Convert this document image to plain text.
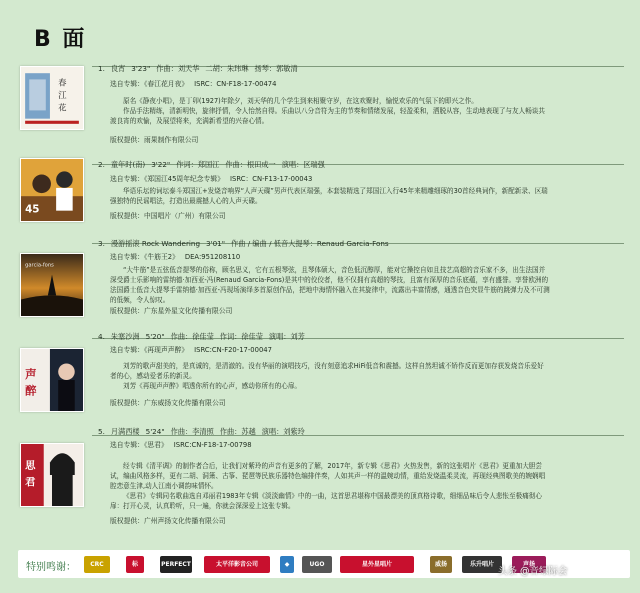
B 面
春
江
花
1. 良宵 3'23" 作曲：刘天华 二胡：朱玮琳 扬琴：郭敏清
选自专辑：《春江花月夜》 ISRC：CN-F18-17-00474

原名《静夜小唱》，是丁卯(1927)年除夕，刘天华的几个学生到来相聚守岁，在这欢聚时，愉悦欢乐的气氛下的即兴之作。

作品手法精练，清新明快，旋律抒情，令人怡然自得。乐曲以八分音符为主的节奏和情绪发展，轻盈柔和，洒脱从容，生动地表现了与友人畅谈共渡良宵的欢愉，及展望将来，充满新希望的兴奋心情。

版权提供：雨果制作有限公司
45
2. 童年时(南) 3'22" 作词：郑国江 作曲：根田成一 演唱：区瑞强
选自专辑：《郑国江45周年纪念专辑》 ISRC：CN-F13-17-00043

华语乐坛的词坛泰斗郑国江+发烧音响界“人声天碟”男声代表区瑞强，本套装精选了郑国江入行45年来精雕细琢的30首经典词作，新配新录、区瑞强独特的民谣唱法，打造出最震撼人心的人声天碟。

版权提供：中国唱片（广州）有限公司
garcia-fons
3. 漫游摇滚 Rock Wandering 3'01" 作曲 / 编曲 / 低音大提琴：Renaud Garcia-Fons
选自专辑：《牛筋王2》 DEA:951208110

“大牛筋”是五弦低音提琴的俗称，顾名思义，它有五根琴弦，且琴体硕大，音色低沉醇厚，能对它操控自如且技艺高超的音乐家不多，出生法国并深受爵士乐影响的雷纳德·加西亚-冯(Renaud Garcia-Fons)是其中的佼佼者，他不仅拥有高超的琴技，且富有深厚的音乐底蕴，享有盛誉。享誉欧洲的法国爵士低音大提琴手雷纳德·加西亚-冯现场演绎多首原创作品，把地中海情怀融入在其旋律中，流露出丰富情感，通透音色突显牛筋的跳弹力及不可测的低频，令人惊叹。

版权提供：广东星外星文化传播有限公司
声
醉
4. 朱塞沙洲 5'20" 作曲：徐佳莹 作词：徐佳莹 演唱：刘芳
选自专辑：《再现声声醉》 ISRC:CN-F20-17-00047

刘芳的歌声甜美的，是真诚的，是清澈的。没有华丽的演唱技巧，没有刻意追求HiFi低音和震撼。这样自然坦诚不矫作反而更加存获发烧音乐爱好者的心，感动爱者乐的新灵。

刘芳《再现声声醉》唱透你所有的心声，感动你所有的心扉。

版权提供：广东威扬文化传播有限公司
思
君
5. 月满西楼 5'24" 作曲：李清照 作曲：苏越 演唱：刘紫玲
选自专辑：《思君》 ISRC:CN-F18-17-00798

经专辑《清平调》的制作者合后，让我们对紫玲的声音有更多的了解，2017年，新专辑《思君》火热发售，新的这张唱片《思君》更重加大胆尝试，编曲风格多样，更有二胡、洞箫、古筝、琵琶等民族乐器特色编排伴奏，人如其声一样的温婉动情，重给发烧温柔灵流，再现经典图歌美的婉娴唱腔恋意生津,动人江南小调韵味情怀。

《思君》专辑同名歌曲选自邓丽君1983年专辑《淡淡幽情》中的一曲，这首思君堪称中国最漂美的顶真格诗歌，细细品味后令人悲怅至极痛彻心扉：打开心灵，认真聆听，只一遍，你就会深深爱上这张专辑。

版权提供：广州声扬文化传播有限公司
特别鸣谢：	CRC	标	PERFECT	太平洋影音公司	◆	UGO	星外星唱片	威扬	乐升唱片	声扬
头条 @音绿际会
